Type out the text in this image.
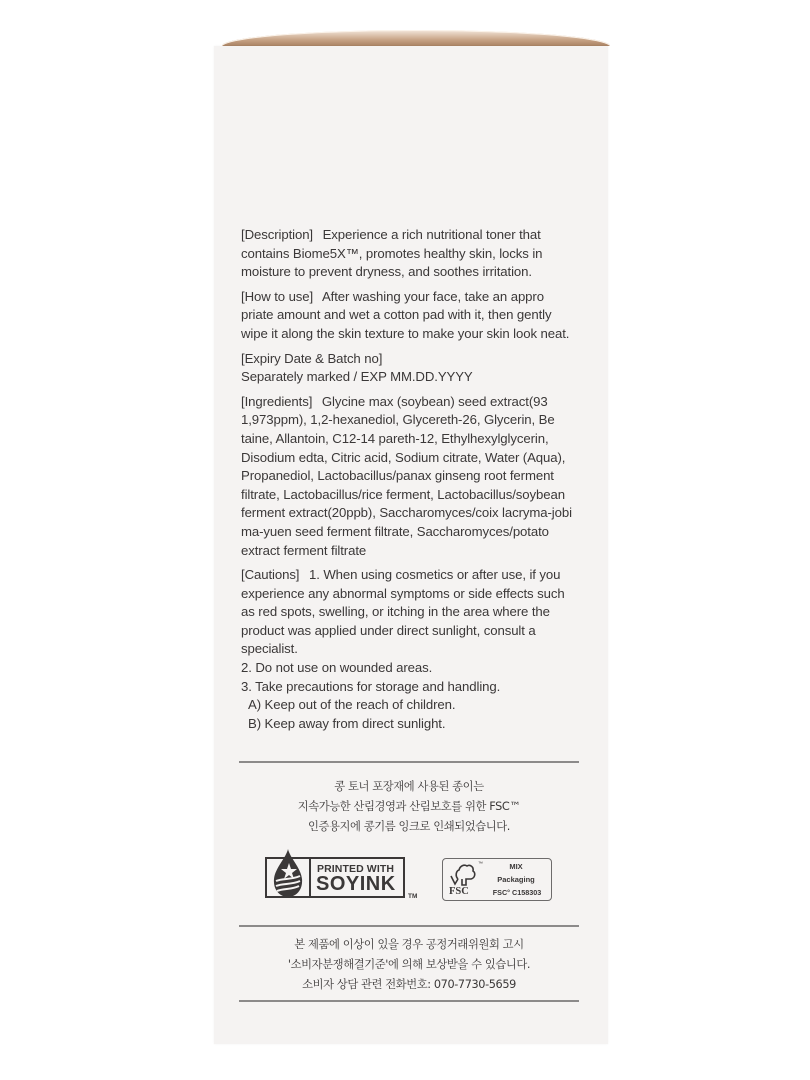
[Description] Experience a rich nutritional toner that
contains Biome5X™, promotes healthy skin, locks in
moisture to prevent dryness, and soothes irritation.
[How to use] After washing your face, take an appro
priate amount and wet a cotton pad with it, then gently
wipe it along the skin texture to make your skin look neat.
[Expiry Date & Batch no]
Separately marked / EXP MM.DD.YYYY
[Ingredients] Glycine max (soybean) seed extract(93
1,973ppm), 1,2-hexanediol, Glycereth-26, Glycerin, Be
taine, Allantoin, C12-14 pareth-12, Ethylhexylglycerin,
Disodium edta, Citric acid, Sodium citrate, Water (Aqua),
Propanediol, Lactobacillus/panax ginseng root ferment
filtrate, Lactobacillus/rice ferment, Lactobacillus/soybean
ferment extract(20ppb), Saccharomyces/coix lacryma-jobi
ma-yuen seed ferment filtrate, Saccharomyces/potato
extract ferment filtrate
[Cautions] 1. When using cosmetics or after use, if you
experience any abnormal symptoms or side effects such
as red spots, swelling, or itching in the area where the
product was applied under direct sunlight, consult a
specialist.
2. Do not use on wounded areas.
3. Take precautions for storage and handling.
A) Keep out of the reach of children.
B) Keep away from direct sunlight.
콩 토너 포장재에 사용된 종이는
지속가능한 산림경영과 산림보호를 위한 FSC™
인증용지에 콩기름 잉크로 인쇄되었습니다.
PRINTED WITH
SOYINK
TM
™
FSC
MIX
Packaging
FSC° C158303
본 제품에 이상이 있을 경우 공정거래위원회 고시
'소비자분쟁해결기준'에 의해 보상받을 수 있습니다.
소비자 상담 관련 전화번호: 070-7730-5659
